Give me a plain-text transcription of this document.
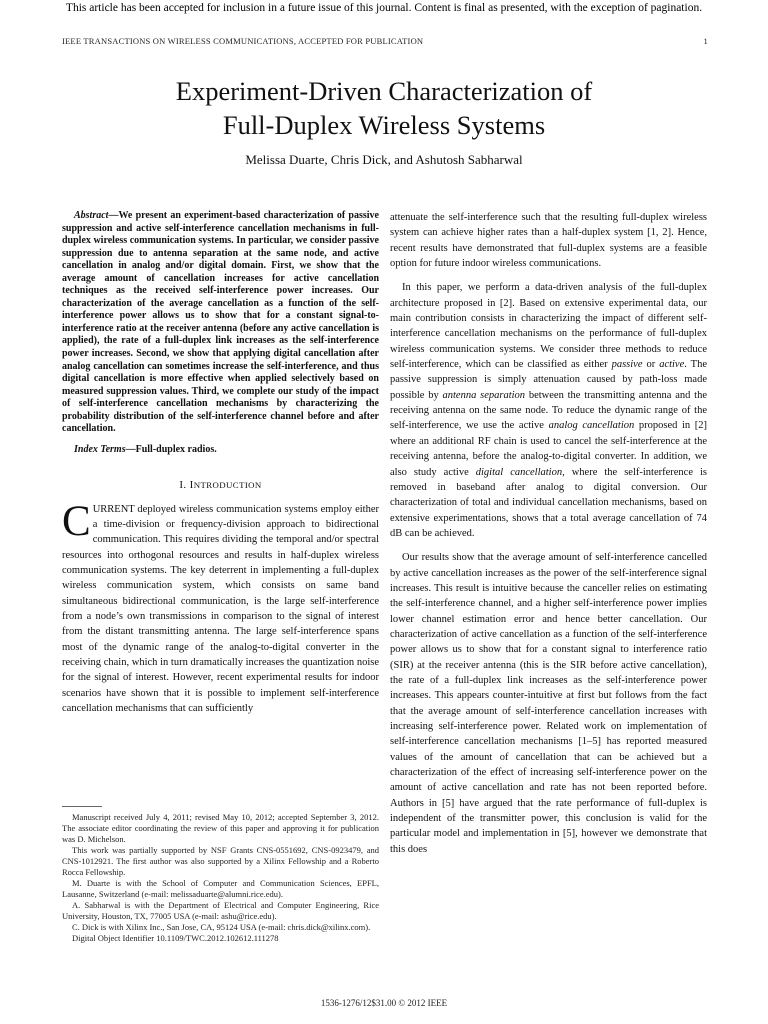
This article has been accepted for inclusion in a future issue of this journal. Content is final as presented, with the exception of pagination.
IEEE TRANSACTIONS ON WIRELESS COMMUNICATIONS, ACCEPTED FOR PUBLICATION	1
Experiment-Driven Characterization of
Full-Duplex Wireless Systems
Melissa Duarte, Chris Dick, and Ashutosh Sabharwal

Abstract—We present an experiment-based characterization of passive suppression and active self-interference cancellation mechanisms in full-duplex wireless communication systems. In particular, we consider passive suppression due to antenna separation at the same node, and active cancellation in analog and/or digital domain. First, we show that the average amount of cancellation increases for active cancellation techniques as the received self-interference power increases. Our characterization of the average cancellation as a function of the self-interference power allows us to show that for a constant signal-to-interference ratio at the receiver antenna (before any active cancellation is applied), the rate of a full-duplex link increases as the self-interference power increases. Second, we show that applying digital cancellation after analog cancellation can sometimes increase the self-interference, and thus digital cancellation is more effective when applied selectively based on measured suppression values. Third, we complete our study of the impact of self-interference cancellation mechanisms by characterizing the probability distribution of the self-interference channel before and after cancellation.

Index Terms—Full-duplex radios.

I. INTRODUCTION

CURRENT deployed wireless communication systems employ either a time-division or frequency-division approach to bidirectional communication. This requires dividing the temporal and/or spectral resources into orthogonal resources and results in half-duplex wireless communication systems. The key deterrent in implementing a full-duplex wireless communication system, which consists on same band simultaneous bidirectional communication, is the large self-interference from a node’s own transmissions in comparison to the signal of interest from the distant transmitting antenna. The large self-interference spans most of the dynamic range of the analog-to-digital converter in the receiving chain, which in turn dramatically increases the quantization noise for the signal of interest. However, recent experimental results for indoor scenarios have shown that it is possible to implement self-interference cancellation mechanisms that can sufficiently

Manuscript received July 4, 2011; revised May 10, 2012; accepted September 3, 2012. The associate editor coordinating the review of this paper and approving it for publication was D. Michelson.

This work was partially supported by NSF Grants CNS-0551692, CNS-0923479, and CNS-1012921. The first author was also supported by a Xilinx Fellowship and a Roberto Rocca Fellowship.

M. Duarte is with the School of Computer and Communication Sciences, EPFL, Lausanne, Switzerland (e-mail: melissaduarte@alumni.rice.edu).

A. Sabharwal is with the Department of Electrical and Computer Engineering, Rice University, Houston, TX, 77005 USA (e-mail: ashu@rice.edu).

C. Dick is with Xilinx Inc., San Jose, CA, 95124 USA (e-mail: chris.dick@xilinx.com).

Digital Object Identifier 10.1109/TWC.2012.102612.111278

attenuate the self-interference such that the resulting full-duplex wireless system can achieve higher rates than a half-duplex system [1, 2]. Hence, recent results have demonstrated that full-duplex systems are a feasible option for future indoor wireless communications.

In this paper, we perform a data-driven analysis of the full-duplex architecture proposed in [2]. Based on extensive experimental data, our main contribution consists in characterizing the impact of different self-interference cancellation mechanisms on the performance of full-duplex wireless communication systems. We consider three methods to reduce self-interference, which can be classified as either passive or active. The passive suppression is simply attenuation caused by path-loss made possible by antenna separation between the transmitting antenna and the receiving antenna on the same node. To reduce the dynamic range of the self-interference, we use the active analog cancellation proposed in [2] where an additional RF chain is used to cancel the self-interference at the receiving antenna, before the analog-to-digital converter. In addition, we also study active digital cancellation, where the self-interference is removed in baseband after analog to digital conversion. Our characterization of total and individual cancellation mechanisms, based on extensive experimentations, shows that a total average cancellation of 74 dB can be achieved.

Our results show that the average amount of self-interference cancelled by active cancellation increases as the power of the self-interference signal increases. This result is intuitive because the canceller relies on estimating the self-interference channel, and a higher self-interference power implies lower channel estimation error and hence better cancellation. Our characterization of active cancellation as a function of the self-interference power allows us to show that for a constant signal to interference ratio (SIR) at the receiver antenna (this is the SIR before active cancellation), the rate of a full-duplex link increases as the self-interference power increases. This appears counter-intuitive at first but follows from the fact that the average amount of self-interference cancellation increases with increasing self-interference power. Related work on implementation of self-interference cancellation mechanisms [1–5] has reported measured values of the amount of cancellation that can be achieved but a characterization of the effect of increasing self-interference power on the amount of active cancellation and rate has not been reported before. Authors in [5] have argued that the rate performance of full-duplex is independent of the transmitter power, this conclusion is valid for the particular model and implementation in [5], however we demonstrate that this does

1536-1276/12$31.00 © 2012 IEEE
